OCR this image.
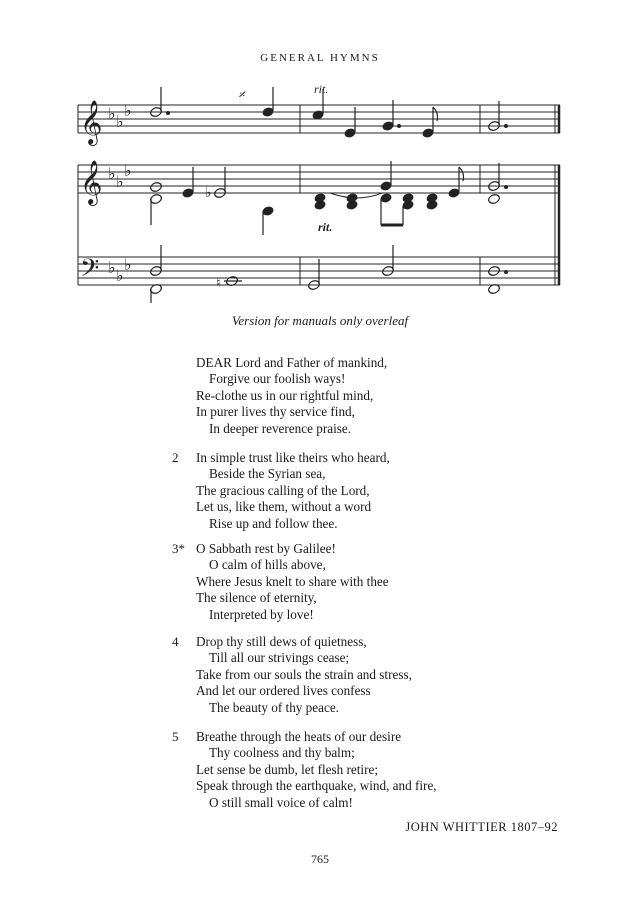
GENERAL HYMNS
𝄞
𝄞
𝄢
♭ ♭
♭
♭ ♭
♭
♭ ♭
♭
𝄎	rit.
♭
rit.
♮
Version for manuals only overleaf
DEAR Lord and Father of mankind,
Forgive our foolish ways!
Re-clothe us in our rightful mind,
In purer lives thy service find,
In deeper reverence praise.
2	In simple trust like theirs who heard,
Beside the Syrian sea,
The gracious calling of the Lord,
Let us, like them, without a word
Rise up and follow thee.
3* O Sabbath rest by Galilee!
O calm of hills above,
Where Jesus knelt to share with thee
The silence of eternity,
Interpreted by love!
4	Drop thy still dews of quietness,
Till all our strivings cease;
Take from our souls the strain and stress,
And let our ordered lives confess
The beauty of thy peace.
5	Breathe through the heats of our desire
Thy coolness and thy balm;
Let sense be dumb, let flesh retire;
Speak through the earthquake, wind, and fire,
O still small voice of calm!
JOHN WHITTIER 1807–92
765
